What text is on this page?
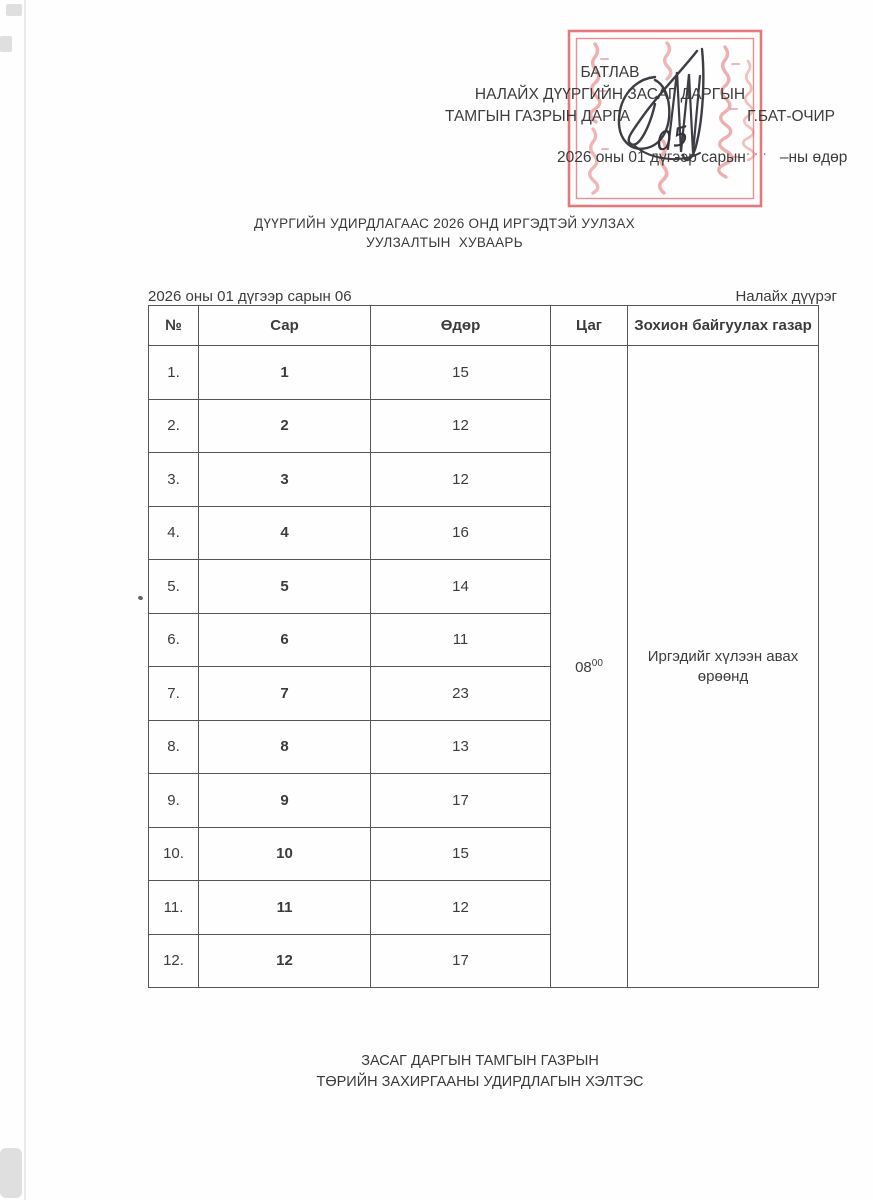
БАТЛАВ
НАЛАЙХ ДҮҮРГИЙН ЗАСАГ ДАРГЫН
ТАМГЫН ГАЗРЫН ДАРГА	Г.БАТ-ОЧИР
2026 оны 01 дүгээр сарын... –ны өдөр
05
ДҮҮРГИЙН УДИРДЛАГААС 2026 ОНД ИРГЭДТЭЙ УУЛЗАХ
УУЛЗАЛТЫН  ХУВААРЬ
2026 оны 01 дүгээр сарын 06	Налайх дүүрэг
№	Сар	Өдөр	Цаг	Зохион байгуулах газар
1.	1	15	$08^{00}$	Иргэдийг хүлээн авах өрөөнд
2.	2	12		
3.	3	12		
4.	4	16		
5.	5	14		
6.	6	11		
7.	7	23		
8.	8	13		
9.	9	17		
10.	10	15		
11.	11	12		
12.	12	17		
ЗАСАГ ДАРГЫН ТАМГЫН ГАЗРЫН
ТӨРИЙН ЗАХИРГААНЫ УДИРДЛАГЫН ХЭЛТЭС
